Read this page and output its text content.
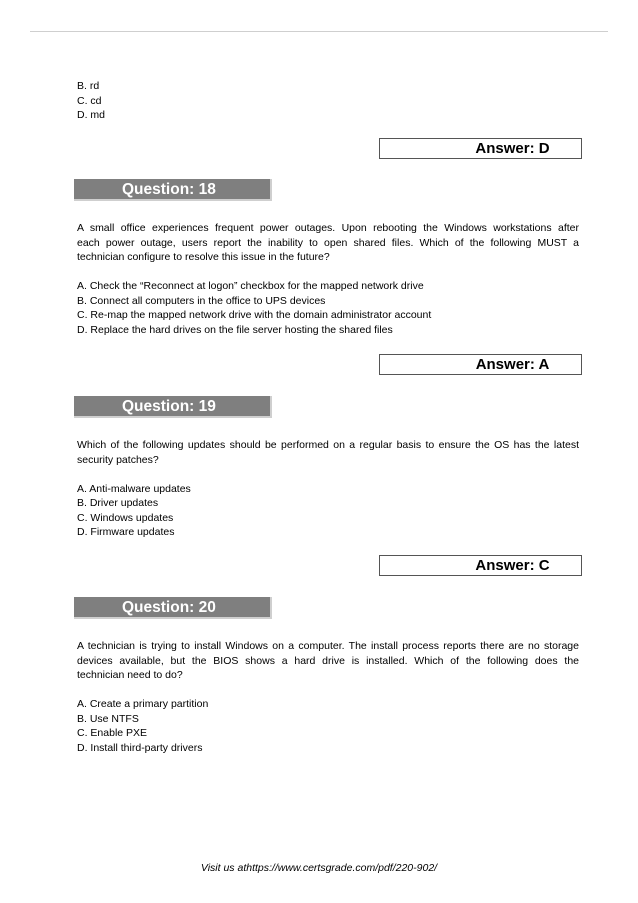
B. rd
C. cd
D. md
Answer: D
Question: 18
A small office experiences frequent power outages. Upon rebooting the Windows workstations after
each power outage, users report the inability to open shared files. Which of the following MUST a
technician configure to resolve this issue in the future?
A. Check the “Reconnect at logon” checkbox for the mapped network drive
B. Connect all computers in the office to UPS devices
C. Re-map the mapped network drive with the domain administrator account
D. Replace the hard drives on the file server hosting the shared files
Answer: A
Question: 19
Which of the following updates should be performed on a regular basis to ensure the OS has the latest
security patches?
A. Anti-malware updates
B. Driver updates
C. Windows updates
D. Firmware updates
Answer: C
Question: 20
A technician is trying to install Windows on a computer. The install process reports there are no storage
devices available, but the BIOS shows a hard drive is installed. Which of the following does the
technician need to do?
A. Create a primary partition
B. Use NTFS
C. Enable PXE
D. Install third-party drivers
Visit us athttps://www.certsgrade.com/pdf/220-902/
